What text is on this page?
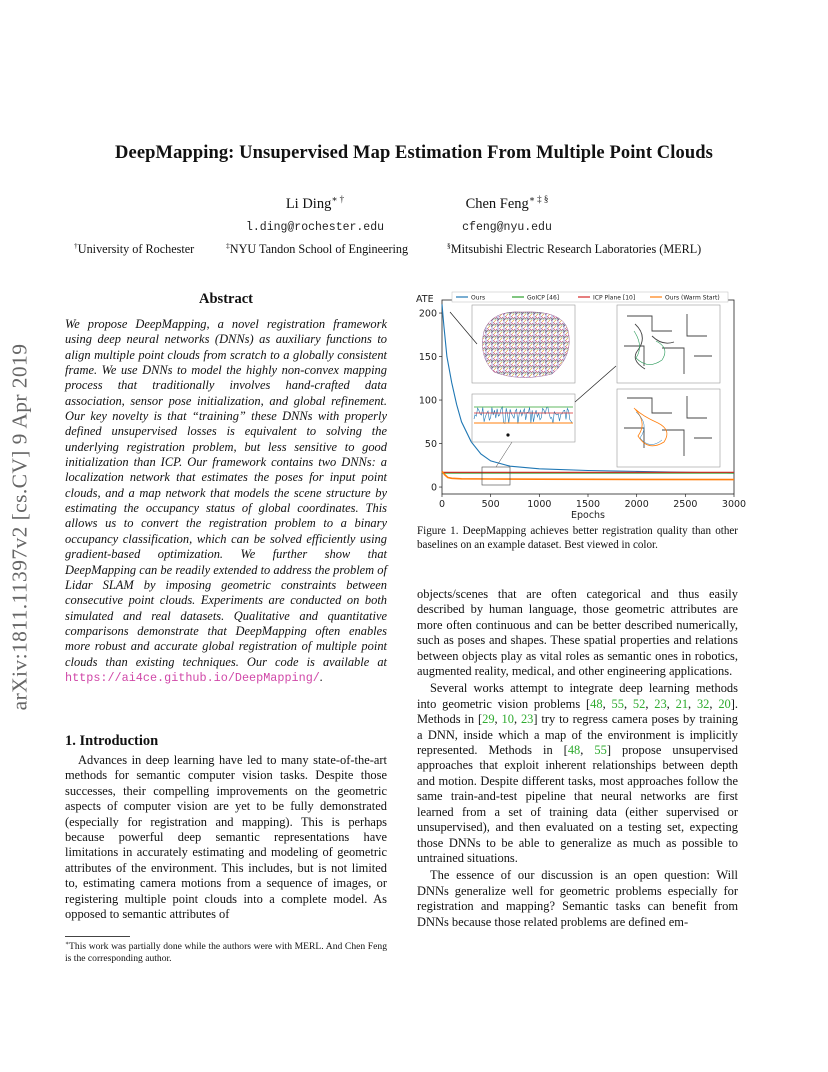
DeepMapping: Unsupervised Map Estimation From Multiple Point Clouds
Li Ding∗ †
l.ding@rochester.edu
Chen Feng∗ ‡ §
cfeng@nyu.edu
†University of Rochester	‡NYU Tandon School of Engineering	§Mitsubishi Electric Research Laboratories (MERL)
arXiv:1811.11397v2 [cs.CV] 9 Apr 2019
Abstract
We propose DeepMapping, a novel registration framework using deep neural networks (DNNs) as auxiliary functions to align multiple point clouds from scratch to a globally consistent frame. We use DNNs to model the highly non-convex mapping process that traditionally involves hand-crafted data association, sensor pose initialization, and global refinement. Our key novelty is that “training” these DNNs with properly defined unsupervised losses is equivalent to solving the underlying registration problem, but less sensitive to good initialization than ICP. Our framework contains two DNNs: a localization network that estimates the poses for input point clouds, and a map network that models the scene structure by estimating the occupancy status of global coordinates. This allows us to convert the registration problem to a binary occupancy classification, which can be solved efficiently using gradient-based optimization. We further show that DeepMapping can be readily extended to address the problem of Lidar SLAM by imposing geometric constraints between consecutive point clouds. Experiments are conducted on both simulated and real datasets. Qualitative and quantitative comparisons demonstrate that DeepMapping often enables more robust and accurate global registration of multiple point clouds than existing techniques. Our code is available at https://ai4ce.github.io/DeepMapping/.
1. Introduction

Advances in deep learning have led to many state-of-the-art methods for semantic computer vision tasks. Despite those successes, their compelling improvements on the geometric aspects of computer vision are yet to be fully demonstrated (especially for registration and mapping). This is perhaps because powerful deep semantic representations have limitations in accurately estimating and modeling of geometric attributes of the environment. This includes, but is not limited to, estimating camera motions from a sequence of images, or registering multiple point clouds into a complete model. As opposed to semantic attributes of

∗This work was partially done while the authors were with MERL. And Chen Feng is the corresponding author.
0	500	1000	1500	2000	2500	3000
0
50
100
150
200
Epochs
ATE	Ours	GoICP [46]	ICP Plane [10]	Ours (Warm Start)
Figure 1. DeepMapping achieves better registration quality than other baselines on an example dataset. Best viewed in color.

objects/scenes that are often categorical and thus easily described by human language, those geometric attributes are more often continuous and can be better described numerically, such as poses and shapes. These spatial properties and relations between objects play as vital roles as semantic ones in robotics, augmented reality, medical, and other engineering applications.

Several works attempt to integrate deep learning methods into geometric vision problems [48, 55, 52, 23, 21, 32, 20]. Methods in [29, 10, 23] try to regress camera poses by training a DNN, inside which a map of the environment is implicitly represented. Methods in [48, 55] propose unsupervised approaches that exploit inherent relationships between depth and motion. Despite different tasks, most approaches follow the same train-and-test pipeline that neural networks are first learned from a set of training data (either supervised or unsupervised), and then evaluated on a testing set, expecting those DNNs to be able to generalize as much as possible to untrained situations.

The essence of our discussion is an open question: Will DNNs generalize well for geometric problems especially for registration and mapping? Semantic tasks can benefit from DNNs because those related problems are defined em-
